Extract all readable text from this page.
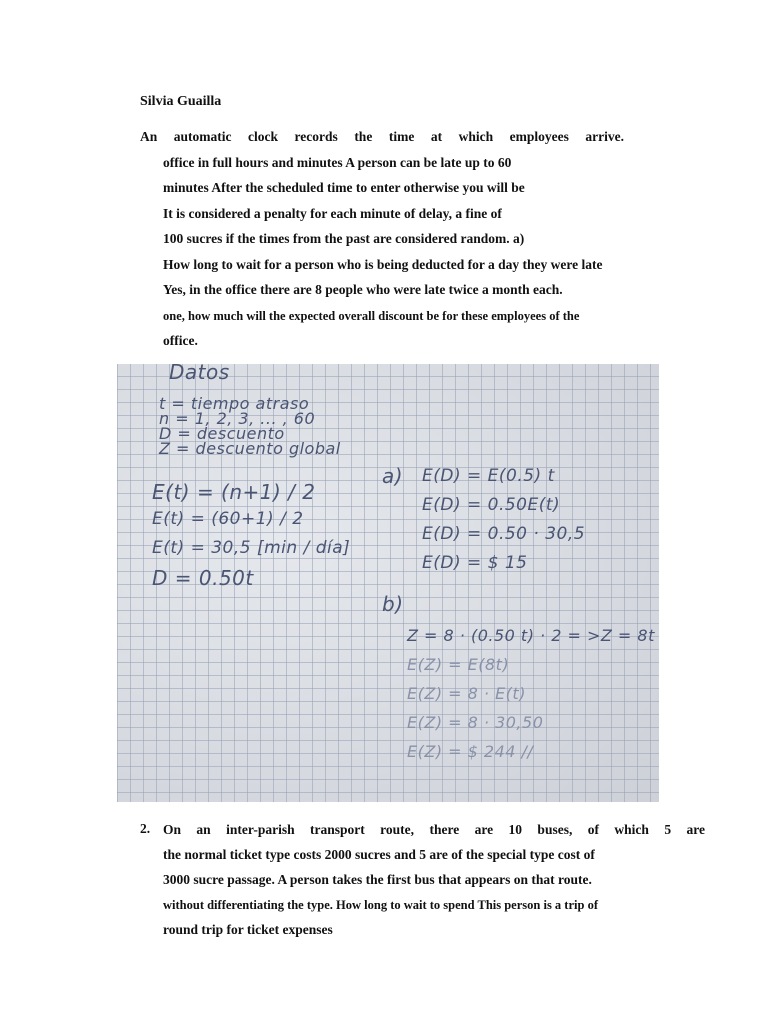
Silvia Guailla
An automatic clock records the time at which employees arrive.
office in full hours and minutes A person can be late up to 60
minutes After the scheduled time to enter otherwise you will be
It is considered a penalty for each minute of delay, a fine of
100 sucres if the times from the past are considered random. a)
How long to wait for a person who is being deducted for a day they were late
Yes, in the office there are 8 people who were late twice a month each.
one, how much will the expected overall discount be for these employees of the
office.
Datos
t = tiempo atraso
n = 1, 2, 3, ... , 60
D = descuento
Z = descuento global
E(t) = (n+1) / 2
E(t) = (60+1) / 2
E(t) = 30,5 [min / día]
D = 0.50t
a) E(D) = E(0.5) t
E(D) = 0.50E(t)
E(D) = 0.50 · 30,5
E(D) = $ 15
b)
Z = 8 · (0.50 t) · 2 = >Z = 8t
E(Z) = E(8t)
E(Z) = 8 · E(t)
E(Z) = 8 · 30,50
E(Z) = $ 244 //
2. On an inter-parish transport route, there are 10 buses, of which 5 are
the normal ticket type costs 2000 sucres and 5 are of the special type cost of
3000 sucre passage. A person takes the first bus that appears on that route.
without differentiating the type. How long to wait to spend This person is a trip of
round trip for ticket expenses
